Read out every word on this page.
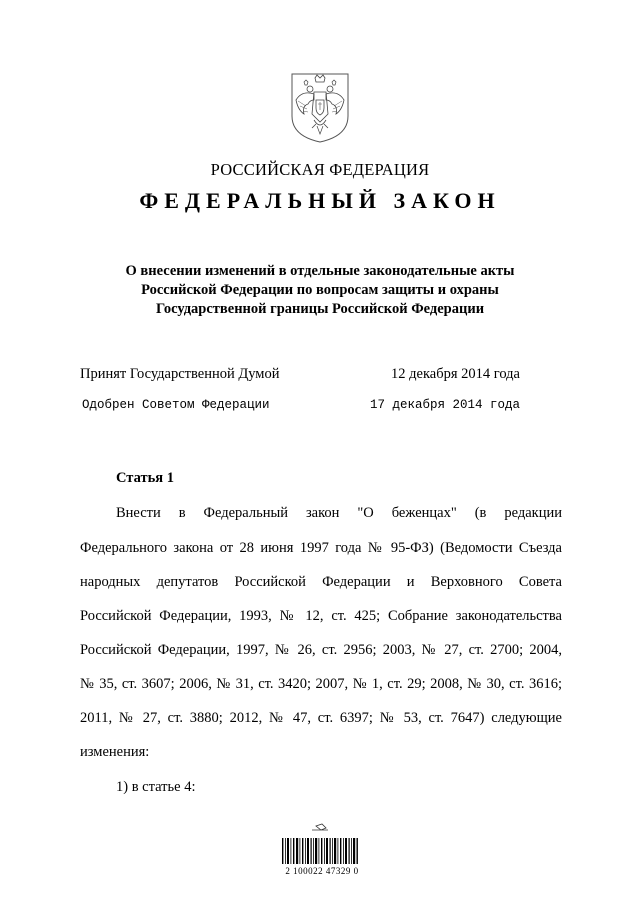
РОССИЙСКАЯ ФЕДЕРАЦИЯ
ФЕДЕРАЛЬНЫЙ ЗАКОН
О внесении изменений в отдельные законодательные акты
Российской Федерации по вопросам защиты и охраны
Государственной границы Российской Федерации
Принят Государственной Думой	12 декабря 2014 года
Одобрен Советом Федерации	17 декабря 2014 года
Статья 1
Внести в Федеральный закон "О беженцах" (в редакции
Федерального закона от 28 июня 1997 года № 95-ФЗ) (Ведомости Съезда
народных депутатов Российской Федерации и Верховного Совета
Российской Федерации, 1993, № 12, ст. 425; Собрание законодательства
Российской Федерации, 1997, № 26, ст. 2956; 2003, № 27, ст. 2700; 2004,
№ 35, ст. 3607; 2006, № 31, ст. 3420; 2007, № 1, ст. 29; 2008, № 30, ст. 3616;
2011, № 27, ст. 3880; 2012, № 47, ст. 6397; № 53, ст. 7647) следующие
изменения:
1) в статье 4:
2 100022 47329 0
